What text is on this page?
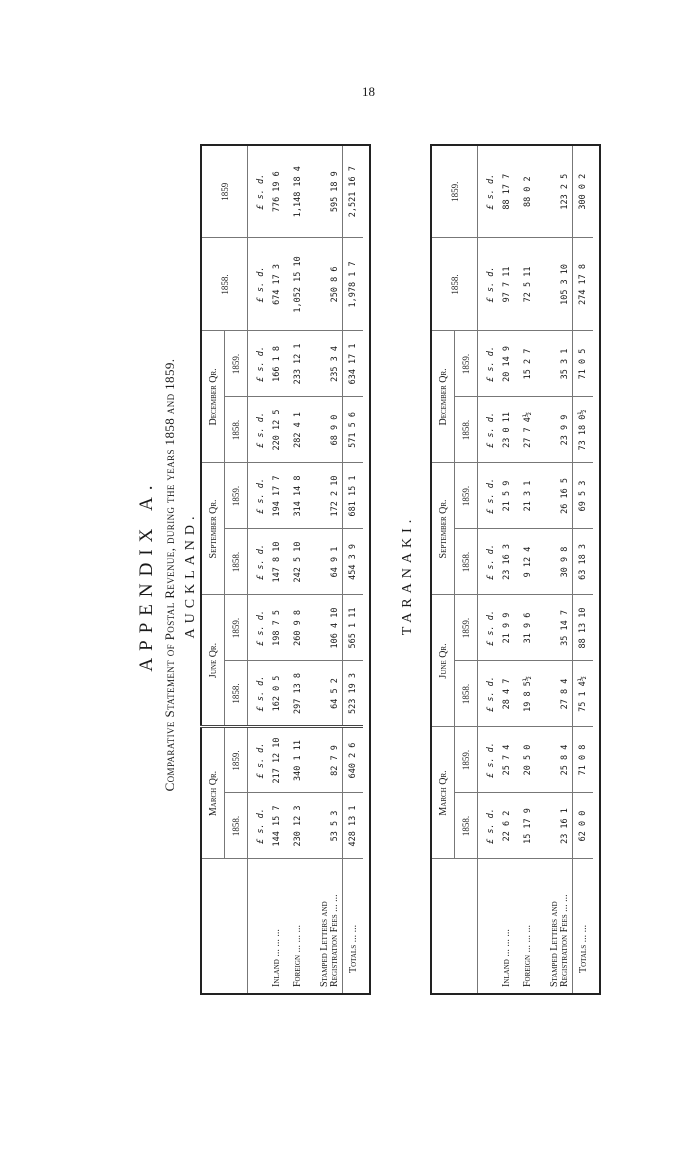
18
APPENDIX A. Comparative Statement of Postal Revenue, during the years 1858 and 1859. AUCKLAND.
	March Qr.		June Qr.		September Qr.		December Qr.		1858.	1859
	1858.	1859.	1858.	1859.	1858.	1859.	1858.	1859.		
	£ s. d.	£ s. d.	£ s. d.	£ s. d.	£ s. d.	£ s. d.	£ s. d.	£ s. d.	£ s. d.	£ s. d.
Inland ... ... ...	144 15 7	217 12 10	162 0 5	198 7 5	147 8 10	194 17 7	220 12 5	166 1 8	674 17 3	776 19 6
Foreign ... ... ...	230 12 3	340 1 11	297 13 8	260 9 8	242 5 10	314 14 8	282 4 1	233 12 1	1,052 15 10	1,148 18 4
Stamped Letters and Registration Fees ... ...	53 5 3	82 7 9	64 5 2	106 4 10	64 9 1	172 2 10	68 9 0	235 3 4	250 8 6	595 18 9
Totals ... ...	428 13 1	640 2 6	523 19 3	565 1 11	454 3 9	681 15 1	571 5 6	634 17 1	1,978 1 7	2,521 16 7

TARANAKI.
	March Qr.		June Qr.		September Qr.		December Qr.		1858.	1859.
	1858.	1859.	1858.	1859.	1858.	1859.	1858.	1859.		
	£ s. d.	£ s. d.	£ s. d.	£ s. d.	£ s. d.	£ s. d.	£ s. d.	£ s. d.	£ s. d.	£ s. d.
Inland ... ... ...	22 6 2	25 7 4	28 4 7	21 9 9	23 16 3	21 5 9	23 0 11	20 14 9	97 7 11	88 17 7
Foreign ... ... ...	15 17 9	20 5 0	19 8 5½	31 9 6	9 12 4	21 3 1	27 7 4½	15 2 7	72 5 11	88 0 2
Stamped Letters and Registration Fees ... ...	23 16 1	25 8 4	27 8 4	35 14 7	30 9 8	26 16 5	23 9 9	35 3 1	105 3 10	123 2 5
Totals ... ...	62 0 0	71 0 8	75 1 4½	88 13 10	63 18 3	69 5 3	73 18 0½	71 0 5	274 17 8	300 0 2
